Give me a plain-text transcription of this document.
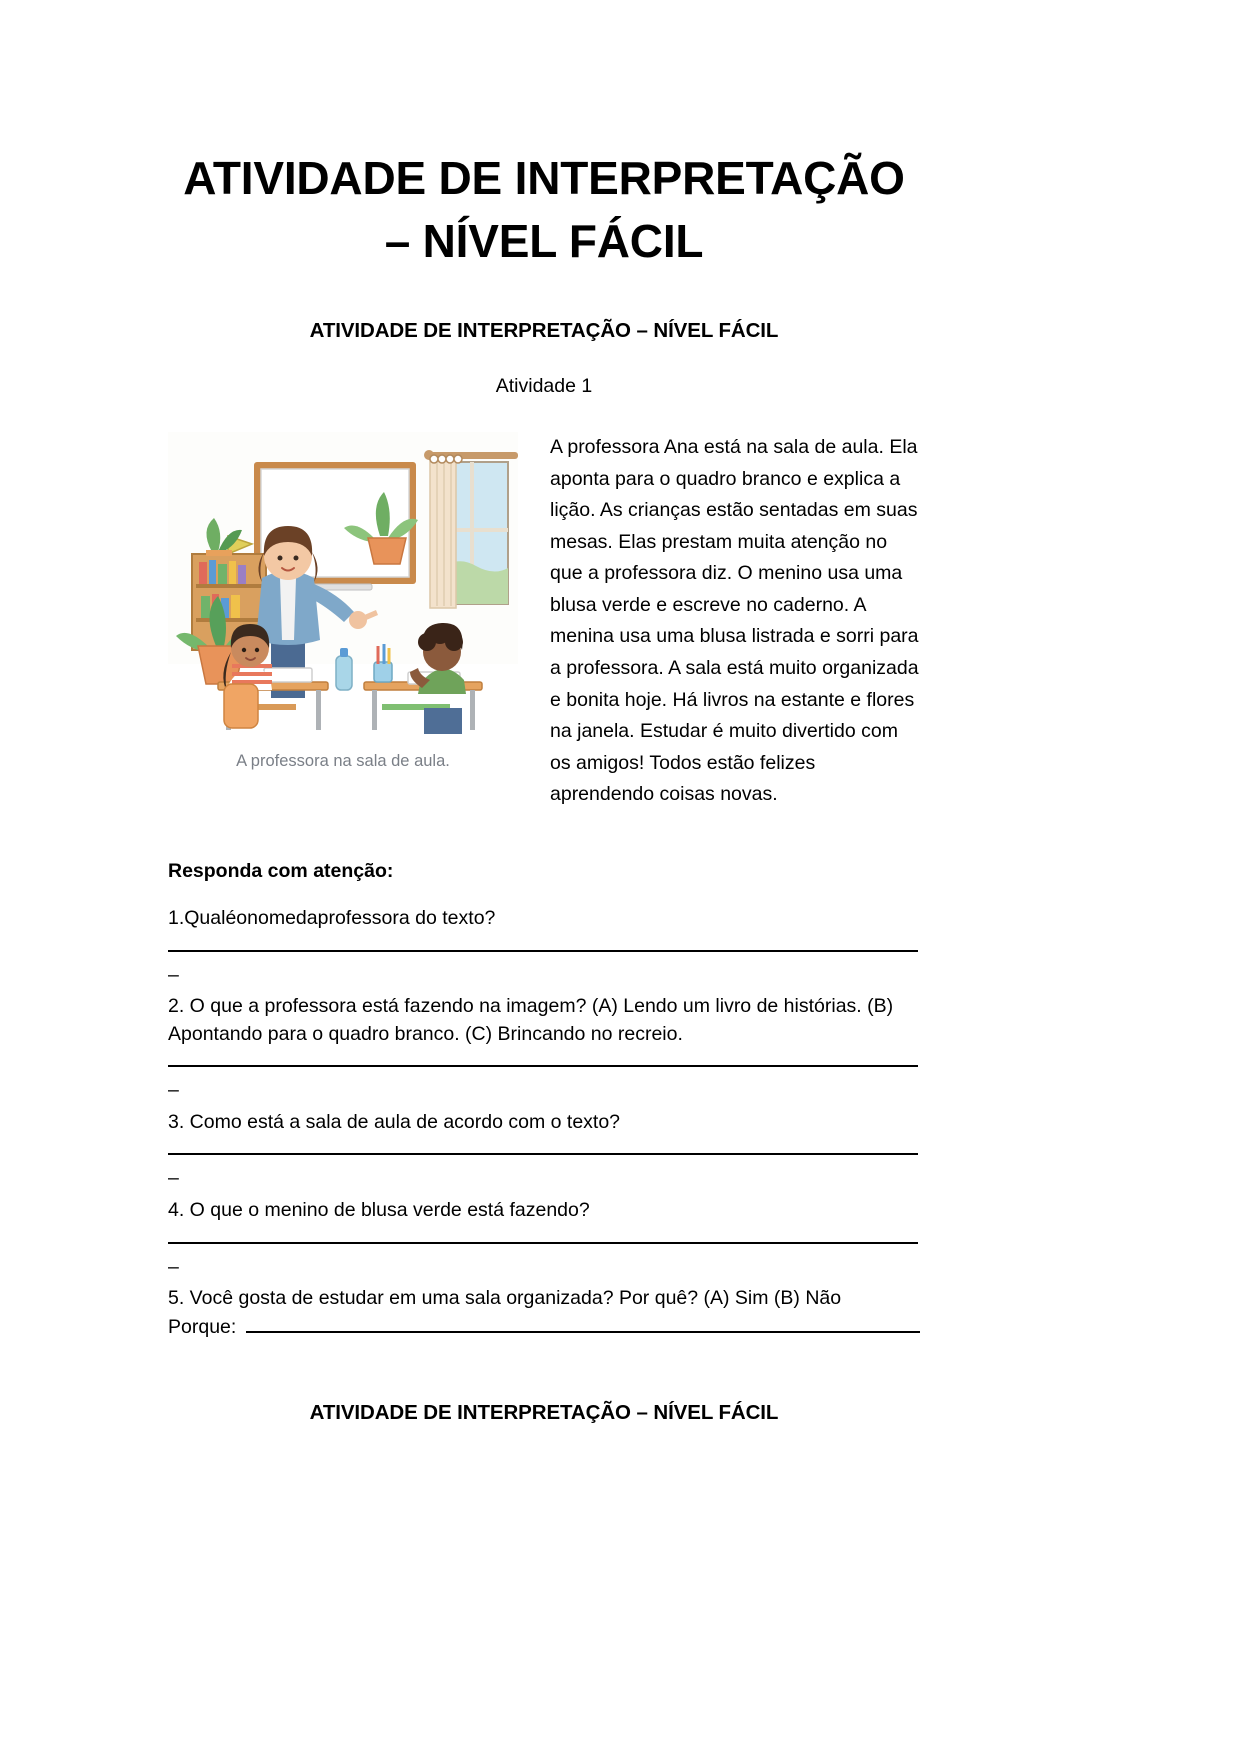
ATIVIDADE DE INTERPRETAÇÃO – NÍVEL FÁCIL
ATIVIDADE DE INTERPRETAÇÃO – NÍVEL FÁCIL

Atividade 1

A professora na sala de aula.

A professora Ana está na sala de aula. Ela aponta para o quadro branco e explica a lição. As crianças estão sentadas em suas mesas. Elas prestam muita atenção no que a professora diz. O menino usa uma blusa verde e escreve no caderno. A menina usa uma blusa listrada e sorri para a professora. A sala está muito organizada e bonita hoje. Há livros na estante e flores na janela. Estudar é muito divertido com os amigos! Todos estão felizes aprendendo coisas novas.

Responda com atenção:

1.Qualéonomedaprofessora do texto?

–

2. O que a professora está fazendo na imagem? (A) Lendo um livro de histórias. (B) Apontando para o quadro branco. (C) Brincando no recreio.

–

3. Como está a sala de aula de acordo com o texto?

–

4. O que o menino de blusa verde está fazendo?

–

5. Você gosta de estudar em uma sala organizada? Por quê? (A) Sim (B) Não

Porque:

ATIVIDADE DE INTERPRETAÇÃO – NÍVEL FÁCIL
